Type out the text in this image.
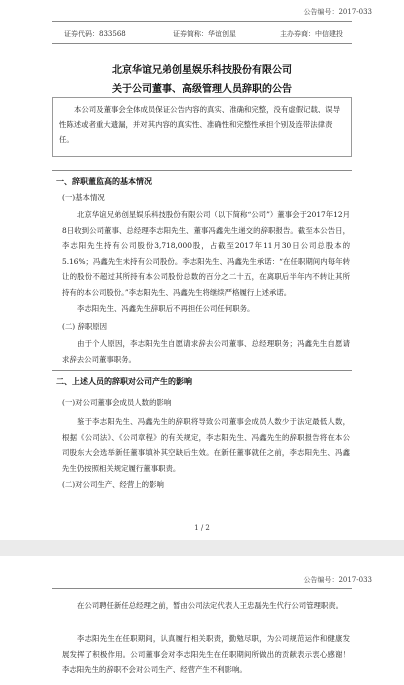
公告编号：2017-033
证券代码：833568	证券简称：华谊创星	主办券商：中信建投
北京华谊兄弟创星娱乐科技股份有限公司
关于公司董事、高级管理人员辞职的公告

本公司及董事会全体成员保证公告内容的真实、准确和完整，没有虚假记载、误导性陈述或者重大遗漏，并对其内容的真实性、准确性和完整性承担个别及连带法律责任。

一、辞职董监高的基本情况
(一)基本情况

北京华谊兄弟创星娱乐科技股份有限公司（以下简称“公司”）董事会于2017年12月8日收到公司董事、总经理李志阳先生、董事冯鑫先生递交的辞职报告。截至本公告日，李志阳先生持有公司股份3,718,000股，占截至2017年11月30日公司总股本的5.16%；冯鑫先生未持有公司股份。李志阳先生、冯鑫先生承诺：“在任职期间内每年转让的股份不超过其所持有本公司股份总数的百分之二十五，在离职后半年内不转让其所持有的本公司股份。”李志阳先生、冯鑫先生将继续严格履行上述承诺。

李志阳先生、冯鑫先生辞职后不再担任公司任何职务。

(二) 辞职原因

由于个人原因，李志阳先生自愿请求辞去公司董事、总经理职务；冯鑫先生自愿请求辞去公司董事职务。

二、上述人员的辞职对公司产生的影响
(一)对公司董事会成员人数的影响

鉴于李志阳先生、冯鑫先生的辞职将导致公司董事会成员人数少于法定最低人数，根据《公司法》、《公司章程》的有关规定，李志阳先生、冯鑫先生的辞职报告将在本公司股东大会选举新任董事填补其空缺后生效。在新任董事就任之前，李志阳先生、冯鑫先生仍按照相关规定履行董事职责。

(二)对公司生产、经营上的影响
1 / 2
公告编号：2017-033

在公司聘任新任总经理之前，暂由公司法定代表人王忠磊先生代行公司管理职责。

李志阳先生在任职期间，认真履行相关职责，勤勉尽职，为公司规范运作和健康发展发挥了积极作用。公司董事会对李志阳先生在任职期间所做出的贡献表示衷心感谢！李志阳先生的辞职不会对公司生产、经营产生不利影响。
